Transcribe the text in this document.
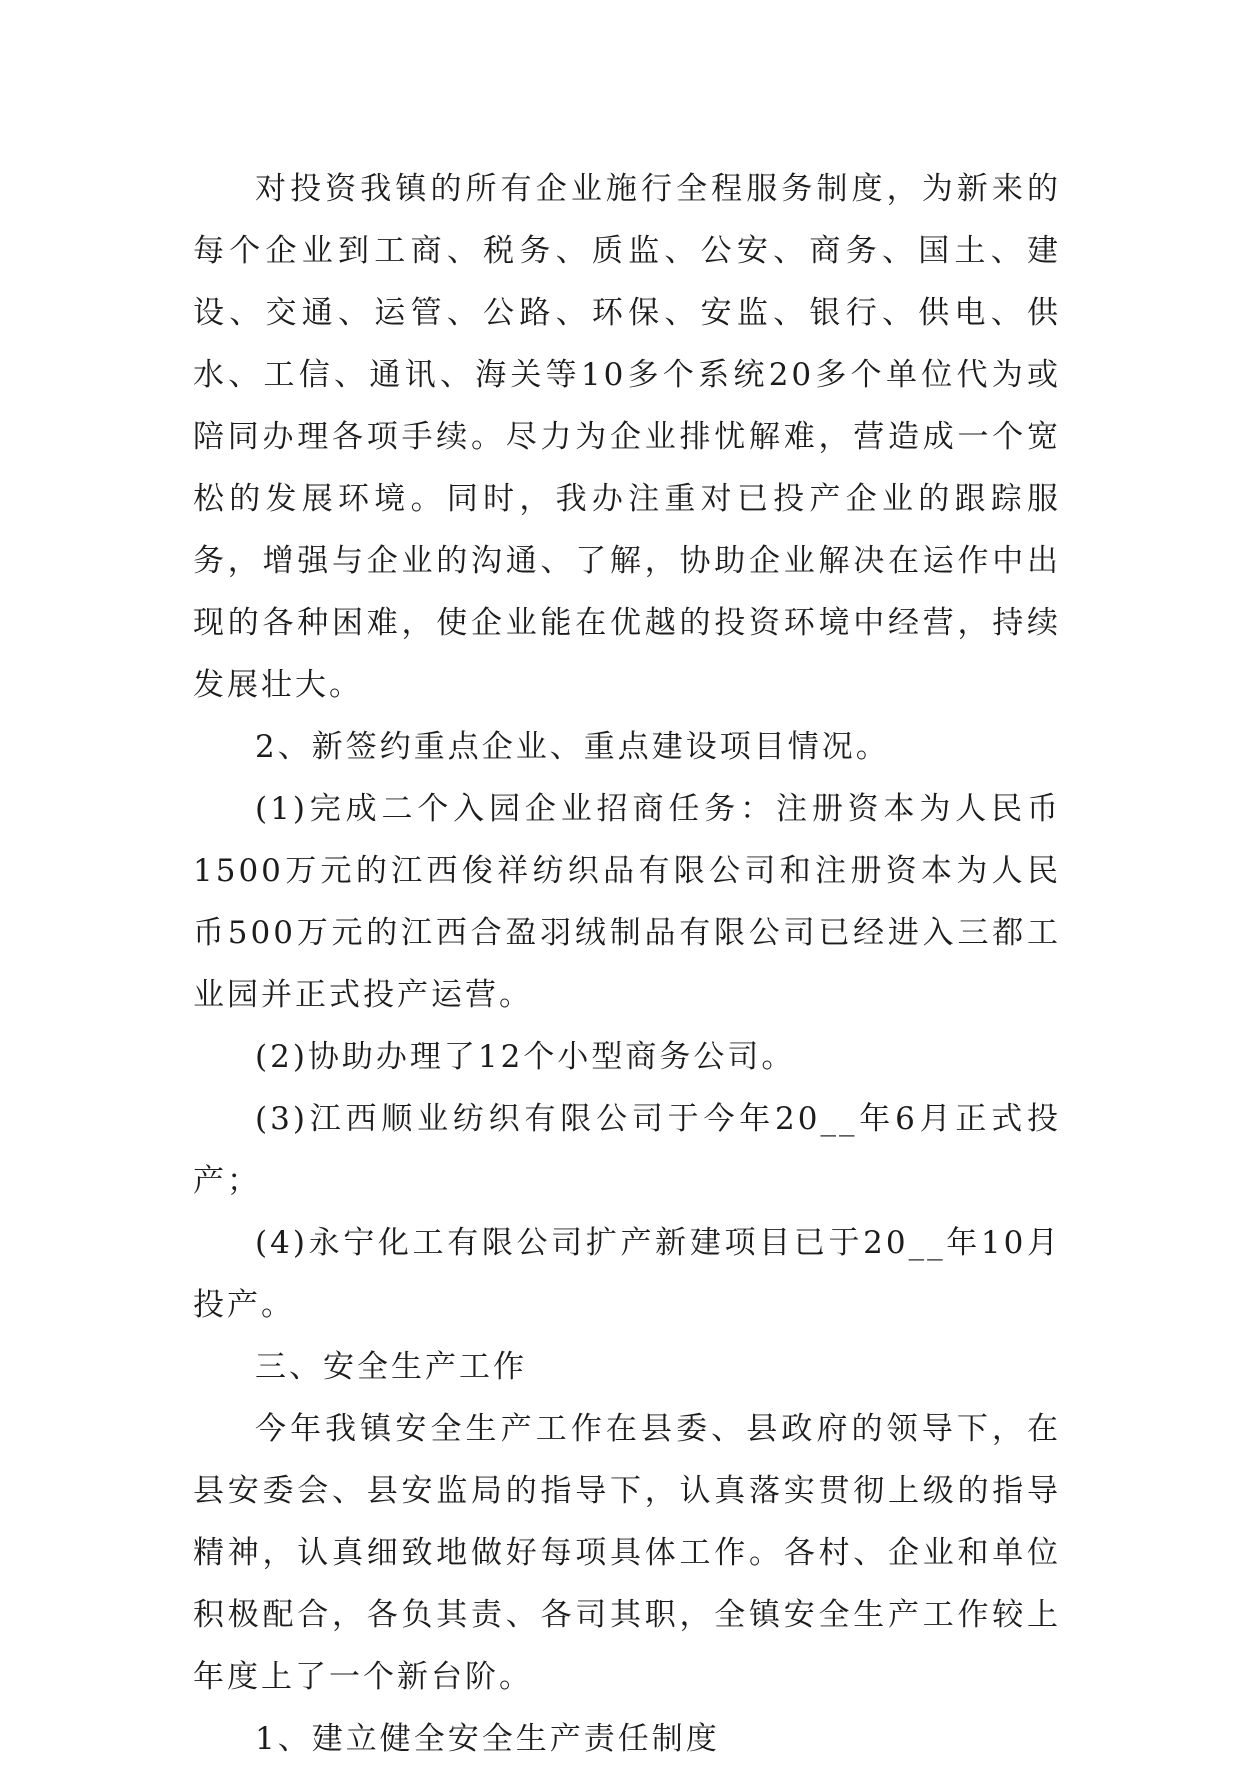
对投资我镇的所有企业施行全程服务制度，为新来的每个企业到工商、税务、质监、公安、商务、国土、建设、交通、运管、公路、环保、安监、银行、供电、供水、工信、通讯、海关等10多个系统20多个单位代为或陪同办理各项手续。尽力为企业排忧解难，营造成一个宽松的发展环境。同时，我办注重对已投产企业的跟踪服务，增强与企业的沟通、了解，协助企业解决在运作中出现的各种困难，使企业能在优越的投资环境中经营，持续发展壮大。

2、新签约重点企业、重点建设项目情况。

(1)完成二个入园企业招商任务：注册资本为人民币1500万元的江西俊祥纺织品有限公司和注册资本为人民币500万元的江西合盈羽绒制品有限公司已经进入三都工业园并正式投产运营。

(2)协助办理了12个小型商务公司。

(3)江西顺业纺织有限公司于今年20__年6月正式投产；

(4)永宁化工有限公司扩产新建项目已于20__年10月投产。

三、安全生产工作

今年我镇安全生产工作在县委、县政府的领导下，在县安委会、县安监局的指导下，认真落实贯彻上级的指导精神，认真细致地做好每项具体工作。各村、企业和单位积极配合，各负其责、各司其职，全镇安全生产工作较上年度上了一个新台阶。

1、建立健全安全生产责任制度
